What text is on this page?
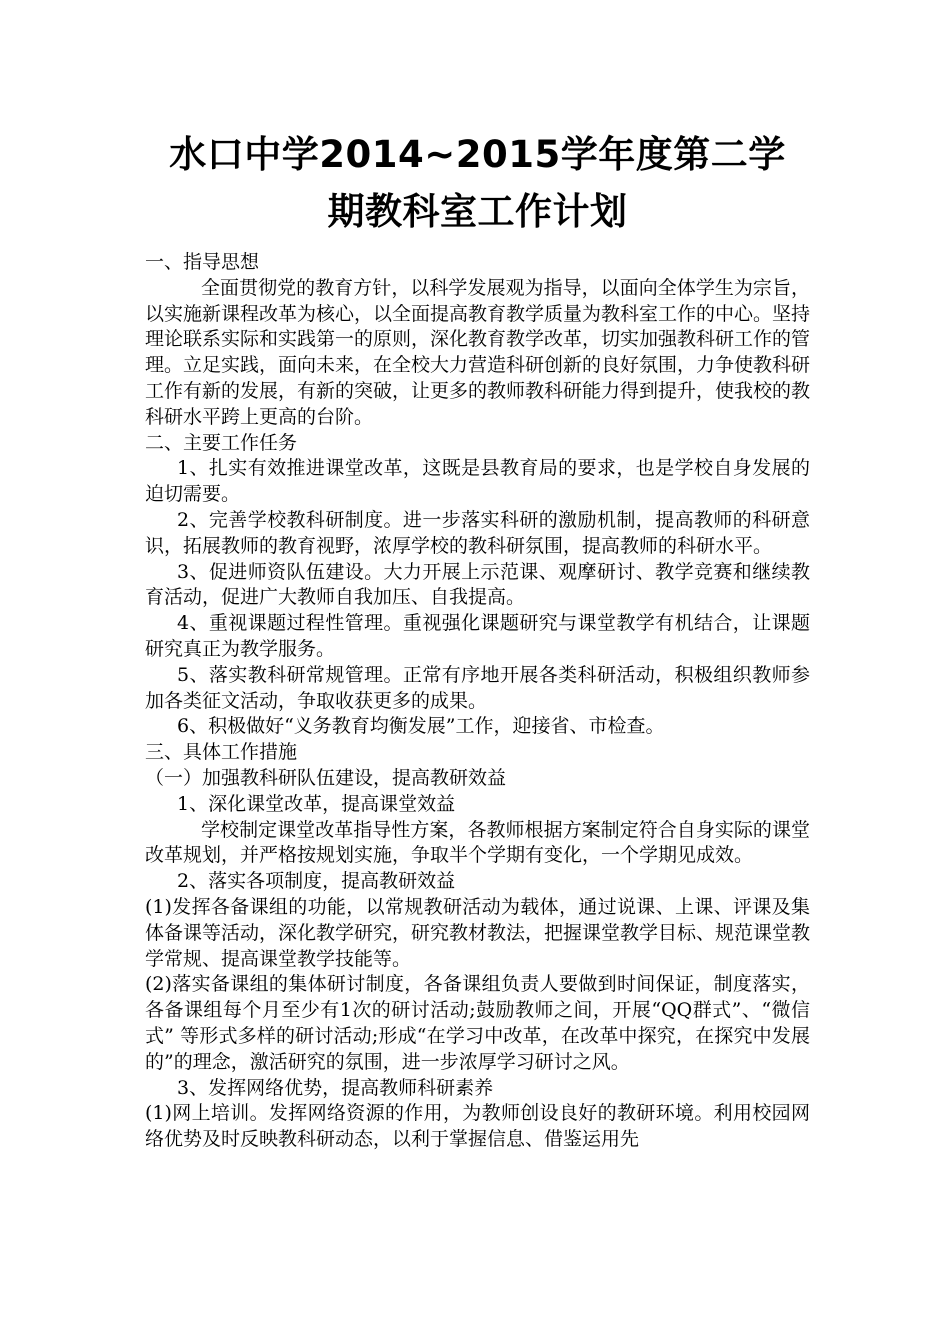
水口中学2014~2015学年度第二学
期教科室工作计划

一、指导思想

全面贯彻党的教育方针，以科学发展观为指导，以面向全体学生为宗旨，以实施新课程改革为核心，以全面提高教育教学质量为教科室工作的中心。坚持理论联系实际和实践第一的原则，深化教育教学改革，切实加强教科研工作的管理。立足实践，面向未来，在全校大力营造科研创新的良好氛围，力争使教科研工作有新的发展，有新的突破，让更多的教师教科研能力得到提升，使我校的教科研水平跨上更高的台阶。

二、主要工作任务

1、扎实有效推进课堂改革，这既是县教育局的要求，也是学校自身发展的迫切需要。

2、完善学校教科研制度。进一步落实科研的激励机制，提高教师的科研意识，拓展教师的教育视野，浓厚学校的教科研氛围，提高教师的科研水平。

3、促进师资队伍建设。大力开展上示范课、观摩研讨、教学竞赛和继续教育活动，促进广大教师自我加压、自我提高。

4、重视课题过程性管理。重视强化课题研究与课堂教学有机结合，让课题研究真正为教学服务。

5、落实教科研常规管理。正常有序地开展各类科研活动，积极组织教师参加各类征文活动，争取收获更多的成果。

6、积极做好“义务教育均衡发展”工作，迎接省、市检查。

三、具体工作措施

（一）加强教科研队伍建设，提高教研效益

1、深化课堂改革，提高课堂效益

学校制定课堂改革指导性方案，各教师根据方案制定符合自身实际的课堂改革规划，并严格按规划实施，争取半个学期有变化，一个学期见成效。

2、落实各项制度，提高教研效益

(1)发挥各备课组的功能，以常规教研活动为载体，通过说课、上课、评课及集体备课等活动，深化教学研究，研究教材教法，把握课堂教学目标、规范课堂教学常规、提高课堂教学技能等。

(2)落实备课组的集体研讨制度，各备课组负责人要做到时间保证，制度落实，各备课组每个月至少有1次的研讨活动;鼓励教师之间，开展“QQ群式”、“微信式” 等形式多样的研讨活动;形成“在学习中改革，在改革中探究，在探究中发展的”的理念，激活研究的氛围，进一步浓厚学习研讨之风。

3、发挥网络优势，提高教师科研素养

(1)网上培训。发挥网络资源的作用，为教师创设良好的教研环境。利用校园网络优势及时反映教科研动态，以利于掌握信息、借鉴运用先
